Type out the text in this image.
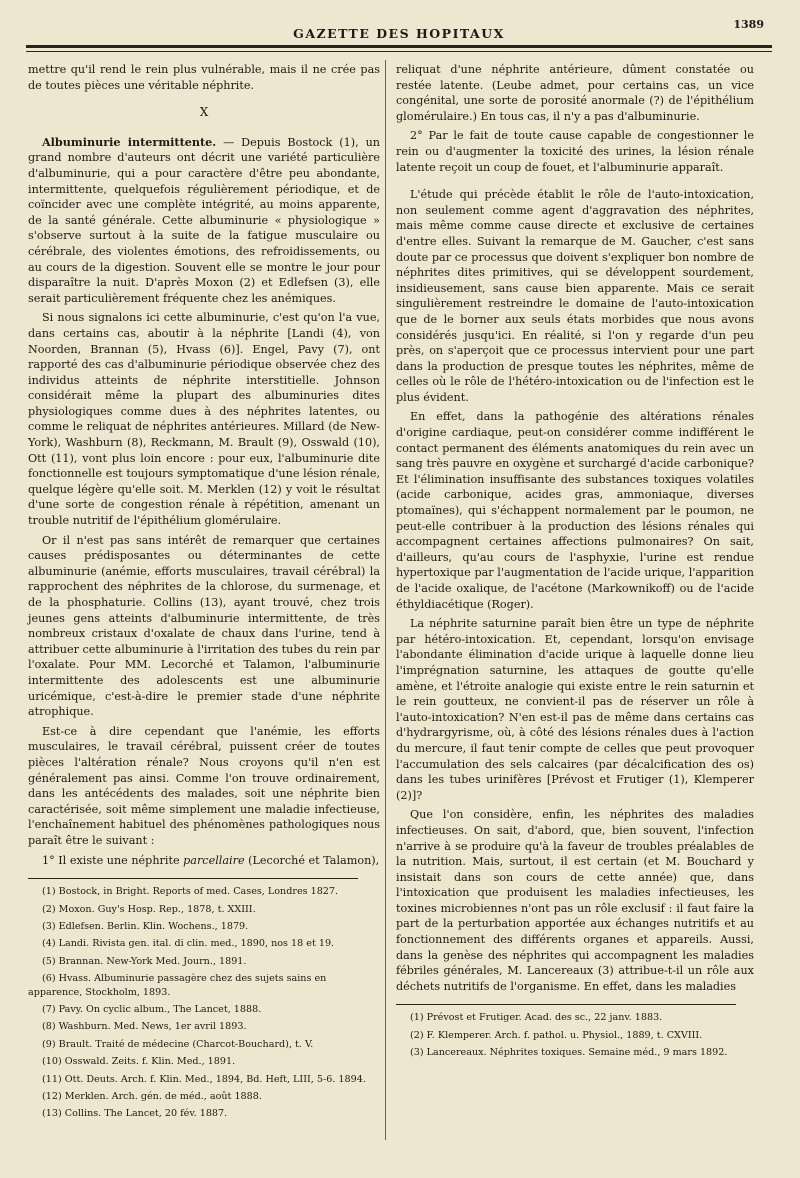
GAZETTE DES HOPITAUX
1389

mettre qu'il rend le rein plus vulnérable, mais il ne crée pas de toutes pièces une véritable néphrite.

X

Albuminurie intermittente. — Depuis Bostock (1), un grand nombre d'auteurs ont décrit une variété particulière d'albuminurie, qui a pour caractère d'être peu abondante, intermittente, quelquefois régulièrement périodique, et de coïncider avec une complète intégrité, au moins apparente, de la santé générale. Cette albuminurie « physiologique » s'observe surtout à la suite de la fatigue musculaire ou cérébrale, des violentes émotions, des refroidissements, ou au cours de la digestion. Souvent elle se montre le jour pour disparaître la nuit. D'après Moxon (2) et Edlefsen (3), elle serait particulièrement fréquente chez les anémiques.

Si nous signalons ici cette albuminurie, c'est qu'on l'a vue, dans certains cas, aboutir à la néphrite [Landi (4), von Noorden, Brannan (5), Hvass (6)]. Engel, Pavy (7), ont rapporté des cas d'albuminurie périodique observée chez des individus atteints de néphrite interstitielle. Johnson considérait même la plupart des albuminuries dites physiologiques comme dues à des néphrites latentes, ou comme le reliquat de néphrites antérieures. Millard (de New-York), Washburn (8), Reckmann, M. Brault (9), Osswald (10), Ott (11), vont plus loin encore : pour eux, l'albuminurie dite fonctionnelle est toujours symptomatique d'une lésion rénale, quelque légère qu'elle soit. M. Merklen (12) y voit le résultat d'une sorte de congestion rénale à répétition, amenant un trouble nutritif de l'épithélium glomérulaire.

Or il n'est pas sans intérêt de remarquer que certaines causes prédisposantes ou déterminantes de cette albuminurie (anémie, efforts musculaires, travail cérébral) la rapprochent des néphrites de la chlorose, du surmenage, et de la phosphaturie. Collins (13), ayant trouvé, chez trois jeunes gens atteints d'albuminurie intermittente, de très nombreux cristaux d'oxalate de chaux dans l'urine, tend à attribuer cette albuminurie à l'irritation des tubes du rein par l'oxalate. Pour MM. Lecorché et Talamon, l'albuminurie intermittente des adolescents est une albuminurie uricémique, c'est-à-dire le premier stade d'une néphrite atrophique.

Est-ce à dire cependant que l'anémie, les efforts musculaires, le travail cérébral, puissent créer de toutes pièces l'altération rénale? Nous croyons qu'il n'en est généralement pas ainsi. Comme l'on trouve ordinairement, dans les antécédents des malades, soit une néphrite bien caractérisée, soit même simplement une maladie infectieuse, l'enchaînement habituel des phénomènes pathologiques nous paraît être le suivant :

1° Il existe une néphrite parcellaire (Lecorché et Talamon),

(1) Bostock, in Bright. Reports of med. Cases, Londres 1827.

(2) Moxon. Guy's Hosp. Rep., 1878, t. XXIII.

(3) Edlefsen. Berlin. Klin. Wochens., 1879.

(4) Landi. Rivista gen. ital. di clin. med., 1890, nos 18 et 19.

(5) Brannan. New-York Med. Journ., 1891.

(6) Hvass. Albuminurie passagère chez des sujets sains en apparence, Stockholm, 1893.

(7) Pavy. On cyclic album., The Lancet, 1888.

(8) Washburn. Med. News, 1er avril 1893.

(9) Brault. Traité de médecine (Charcot-Bouchard), t. V.

(10) Osswald. Zeits. f. Klin. Med., 1891.

(11) Ott. Deuts. Arch. f. Klin. Med., 1894, Bd. Heft, LIII, 5-6. 1894.

(12) Merklen. Arch. gén. de méd., août 1888.

(13) Collins. The Lancet, 20 fév. 1887.

reliquat d'une néphrite antérieure, dûment constatée ou restée latente. (Leube admet, pour certains cas, un vice congénital, une sorte de porosité anormale (?) de l'épithélium glomérulaire.) En tous cas, il n'y a pas d'albuminurie.

2° Par le fait de toute cause capable de congestionner le rein ou d'augmenter la toxicité des urines, la lésion rénale latente reçoit un coup de fouet, et l'albuminurie apparaît.

L'étude qui précède établit le rôle de l'auto-intoxication, non seulement comme agent d'aggravation des néphrites, mais même comme cause directe et exclusive de certaines d'entre elles. Suivant la remarque de M. Gaucher, c'est sans doute par ce processus que doivent s'expliquer bon nombre de néphrites dites primitives, qui se développent sourdement, insidieusement, sans cause bien apparente. Mais ce serait singulièrement restreindre le domaine de l'auto-intoxication que de le borner aux seuls états morbides que nous avons considérés jusqu'ici. En réalité, si l'on y regarde d'un peu près, on s'aperçoit que ce processus intervient pour une part dans la production de presque toutes les néphrites, même de celles où le rôle de l'hétéro-intoxication ou de l'infection est le plus évident.

En effet, dans la pathogénie des altérations rénales d'origine cardiaque, peut-on considérer comme indifférent le contact permanent des éléments anatomiques du rein avec un sang très pauvre en oxygène et surchargé d'acide carbonique? Et l'élimination insuffisante des substances toxiques volatiles (acide carbonique, acides gras, ammoniaque, diverses ptomaïnes), qui s'échappent normalement par le poumon, ne peut-elle contribuer à la production des lésions rénales qui accompagnent certaines affections pulmonaires? On sait, d'ailleurs, qu'au cours de l'asphyxie, l'urine est rendue hypertoxique par l'augmentation de l'acide urique, l'apparition de l'acide oxalique, de l'acétone (Markownikoff) ou de l'acide éthyldiacétique (Roger).

La néphrite saturnine paraît bien être un type de néphrite par hétéro-intoxication. Et, cependant, lorsqu'on envisage l'abondante élimination d'acide urique à laquelle donne lieu l'imprégnation saturnine, les attaques de goutte qu'elle amène, et l'étroite analogie qui existe entre le rein saturnin et le rein goutteux, ne convient-il pas de réserver un rôle à l'auto-intoxication? N'en est-il pas de même dans certains cas d'hydrargyrisme, où, à côté des lésions rénales dues à l'action du mercure, il faut tenir compte de celles que peut provoquer l'accumulation des sels calcaires (par décalcification des os) dans les tubes urinifères [Prévost et Frutiger (1), Klemperer (2)]?

Que l'on considère, enfin, les néphrites des maladies infectieuses. On sait, d'abord, que, bien souvent, l'infection n'arrive à se produire qu'à la faveur de troubles préalables de la nutrition. Mais, surtout, il est certain (et M. Bouchard y insistait dans son cours de cette année) que, dans l'intoxication que produisent les maladies infectieuses, les toxines microbiennes n'ont pas un rôle exclusif : il faut faire la part de la perturbation apportée aux échanges nutritifs et au fonctionnement des différents organes et appareils. Aussi, dans la genèse des néphrites qui accompagnent les maladies fébriles générales, M. Lancereaux (3) attribue-t-il un rôle aux déchets nutritifs de l'organisme. En effet, dans les maladies

(1) Prévost et Frutiger. Acad. des sc., 22 janv. 1883.

(2) F. Klemperer. Arch. f. pathol. u. Physiol., 1889, t. CXVIII.

(3) Lancereaux. Néphrites toxiques. Semaine méd., 9 mars 1892.
